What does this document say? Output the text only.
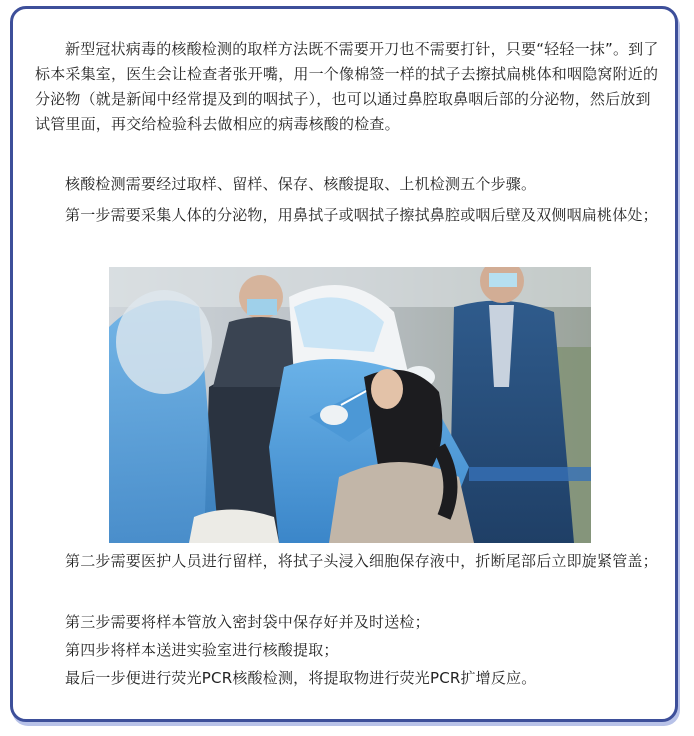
新型冠状病毒的核酸检测的取样方法既不需要开刀也不需要打针，只要“轻轻一抹”。到了标本采集室，医生会让检查者张开嘴，用一个像棉签一样的拭子去擦拭扁桃体和咽隐窝附近的分泌物（就是新闻中经常提及到的咽拭子），也可以通过鼻腔取鼻咽后部的分泌物，然后放到试管里面，再交给检验科去做相应的病毒核酸的检查。

核酸检测需要经过取样、留样、保存、核酸提取、上机检测五个步骤。

第一步需要采集人体的分泌物，用鼻拭子或咽拭子擦拭鼻腔或咽后壁及双侧咽扁桃体处；

第二步需要医护人员进行留样，将拭子头浸入细胞保存液中，折断尾部后立即旋紧管盖；

第三步需要将样本管放入密封袋中保存好并及时送检；

第四步将样本送进实验室进行核酸提取；

最后一步便进行荧光PCR核酸检测，将提取物进行荧光PCR扩增反应。
